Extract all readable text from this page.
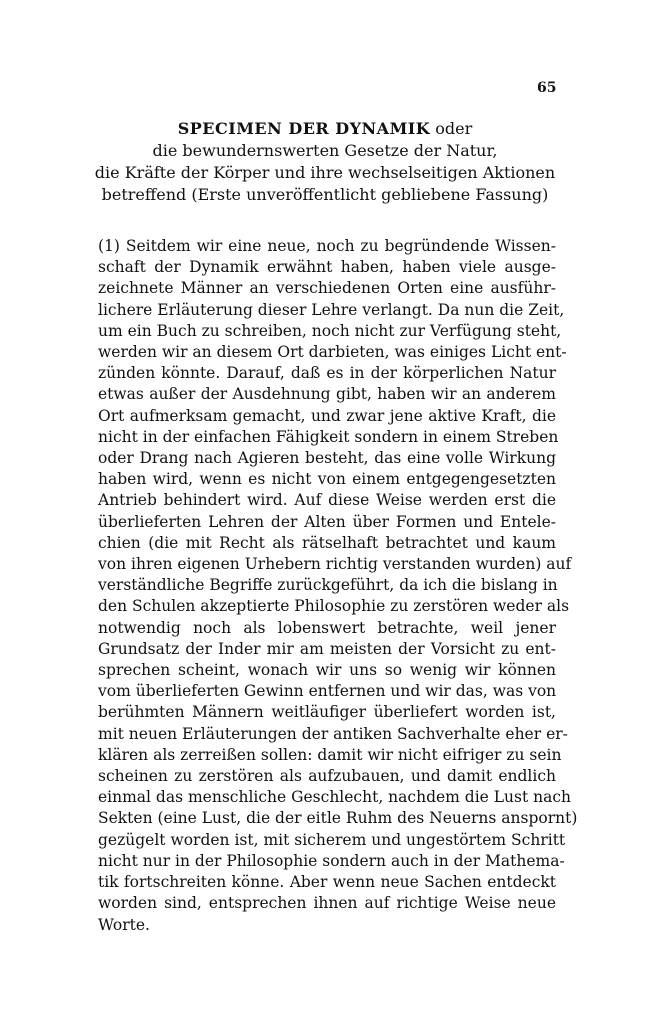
65
SPECIMEN DER DYNAMIK oder
die bewundernswerten Gesetze der Natur,
die Kräfte der Körper und ihre wechselseitigen Aktionen
betreffend (Erste unveröffentlicht gebliebene Fassung)
(1) Seitdem wir eine neue, noch zu begründende Wissen-
schaft der Dynamik erwähnt haben, haben viele ausge-
zeichnete Männer an verschiedenen Orten eine ausführ-
lichere Erläuterung dieser Lehre verlangt. Da nun die Zeit,
um ein Buch zu schreiben, noch nicht zur Verfügung steht,
werden wir an diesem Ort darbieten, was einiges Licht ent-
zünden könnte. Darauf, daß es in der körperlichen Natur
etwas außer der Ausdehnung gibt, haben wir an anderem
Ort aufmerksam gemacht, und zwar jene aktive Kraft, die
nicht in der einfachen Fähigkeit sondern in einem Streben
oder Drang nach Agieren besteht, das eine volle Wirkung
haben wird, wenn es nicht von einem entgegengesetzten
Antrieb behindert wird. Auf diese Weise werden erst die
überlieferten Lehren der Alten über Formen und Entele-
chien (die mit Recht als rätselhaft betrachtet und kaum
von ihren eigenen Urhebern richtig verstanden wurden) auf
verständliche Begriffe zurückgeführt, da ich die bislang in
den Schulen akzeptierte Philosophie zu zerstören weder als
notwendig noch als lobenswert betrachte, weil jener
Grundsatz der Inder mir am meisten der Vorsicht zu ent-
sprechen scheint, wonach wir uns so wenig wir können
vom überlieferten Gewinn entfernen und wir das, was von
berühmten Männern weitläufiger überliefert worden ist,
mit neuen Erläuterungen der antiken Sachverhalte eher er-
klären als zerreißen sollen: damit wir nicht eifriger zu sein
scheinen zu zerstören als aufzubauen, und damit endlich
einmal das menschliche Geschlecht, nachdem die Lust nach
Sekten (eine Lust, die der eitle Ruhm des Neuerns anspornt)
gezügelt worden ist, mit sicherem und ungestörtem Schritt
nicht nur in der Philosophie sondern auch in der Mathema-
tik fortschreiten könne. Aber wenn neue Sachen entdeckt
worden sind, entsprechen ihnen auf richtige Weise neue
Worte.
